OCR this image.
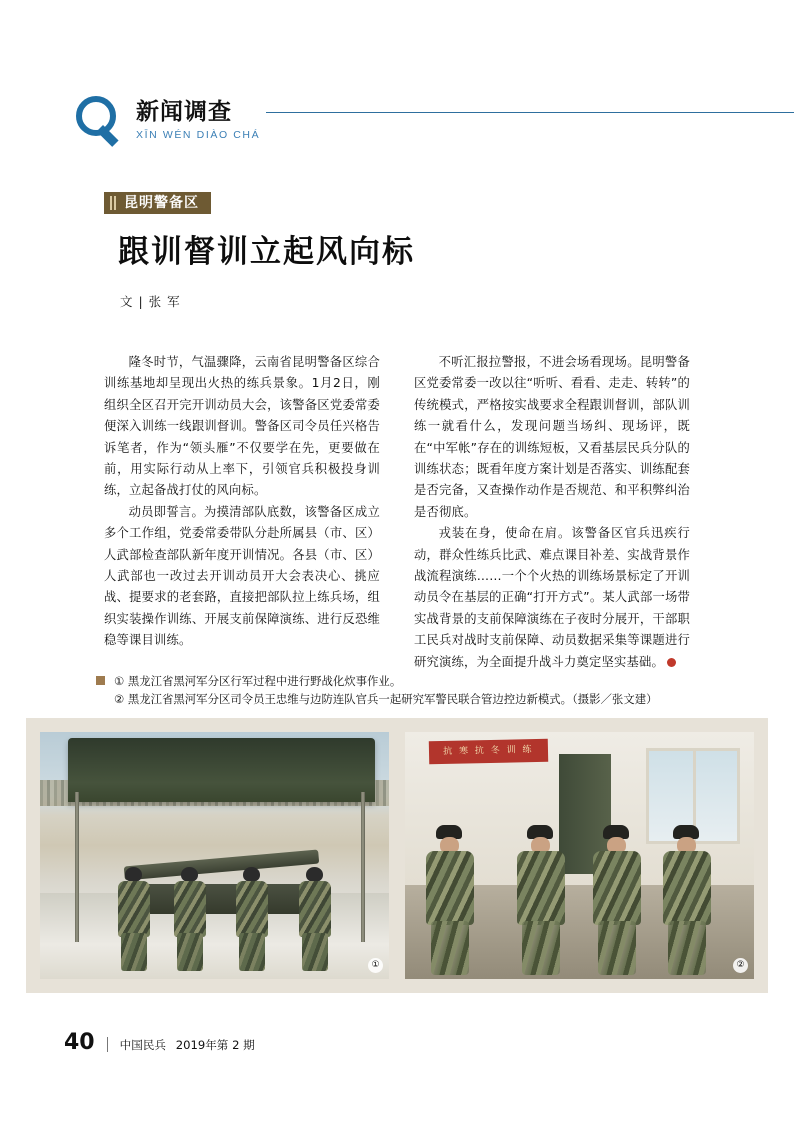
新闻调查
XĪN WÉN DIÀO CHÁ
昆明警备区
跟训督训立起风向标
文 | 张 军

隆冬时节，气温骤降，云南省昆明警备区综合训练基地却呈现出火热的练兵景象。1月2日，刚组织全区召开完开训动员大会，该警备区党委常委便深入训练一线跟训督训。警备区司令员任兴格告诉笔者，作为“领头雁”不仅要学在先，更要做在前，用实际行动从上率下，引领官兵积极投身训练，立起备战打仗的风向标。

动员即誓言。为摸清部队底数，该警备区成立多个工作组，党委常委带队分赴所属县（市、区）人武部检查部队新年度开训情况。各县（市、区）人武部也一改过去开训动员开大会表决心、挑应战、提要求的老套路，直接把部队拉上练兵场，组织实装操作训练、开展支前保障演练、进行反恐维稳等课目训练。

不听汇报拉警报，不进会场看现场。昆明警备区党委常委一改以往“听听、看看、走走、转转”的传统模式，严格按实战要求全程跟训督训，部队训练一就看什么，发现问题当场纠、现场评，既在“中军帐”存在的训练短板，又看基层民兵分队的训练状态；既看年度方案计划是否落实、训练配套是否完备，又查操作动作是否规范、和平积弊纠治是否彻底。

戎装在身，使命在肩。该警备区官兵迅疾行动，群众性练兵比武、难点课目补差、实战背景作战流程演练……一个个火热的训练场景标定了开训动员令在基层的正确“打开方式”。某人武部一场带实战背景的支前保障演练在子夜时分展开，干部职工民兵对战时支前保障、动员数据采集等课题进行研究演练，为全面提升战斗力奠定坚实基础。

① 黑龙江省黑河军分区行军过程中进行野战化炊事作业。
② 黑龙江省黑河军分区司令员王忠维与边防连队官兵一起研究军警民联合管边控边新模式。（摄影／张文建）
①
抗 寒 抗 冬 训 练
②
40 中国民兵 2019年第 2 期
